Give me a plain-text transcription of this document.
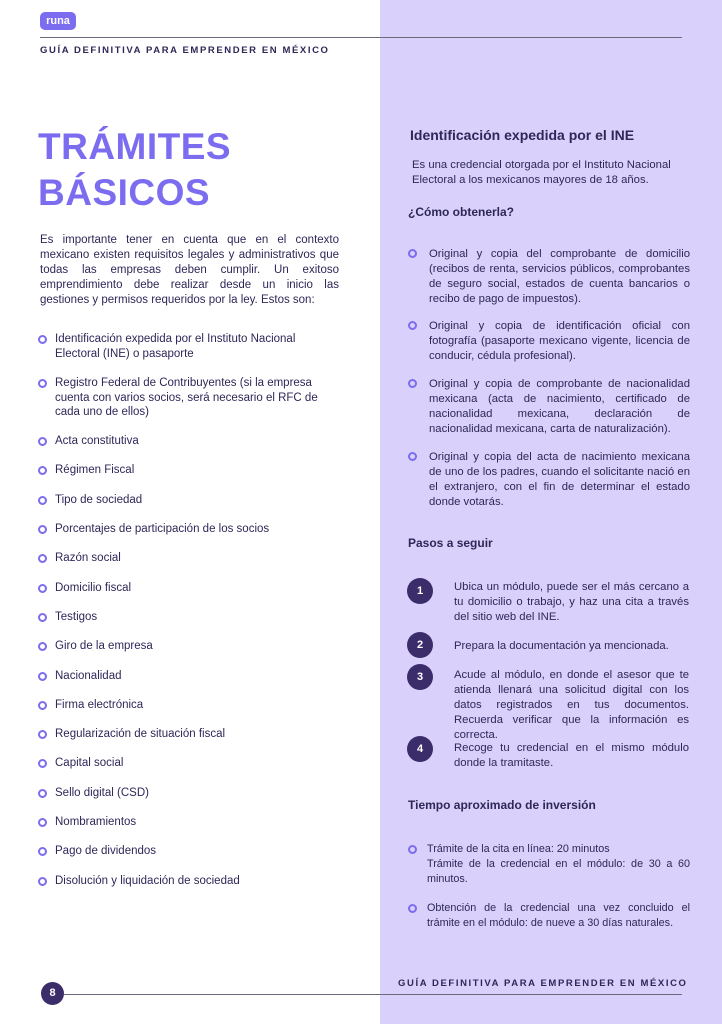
runa
GUÍA DEFINITIVA PARA EMPRENDER EN MÉXICO
TRÁMITES
BÁSICOS

Es importante tener en cuenta que en el contexto mexicano existen requisitos legales y administrativos que todas las empresas deben cumplir. Un exitoso emprendimiento debe realizar desde un inicio las gestiones y permisos requeridos por la ley. Estos son:

Identificación expedida por el Instituto Nacional Electoral (INE) o pasaporte
Registro Federal de Contribuyentes (si la empresa cuenta con varios socios, será necesario el RFC de cada uno de ellos)
Acta constitutiva
Régimen Fiscal
Tipo de sociedad
Porcentajes de participación de los socios
Razón social
Domicilio fiscal
Testigos
Giro de la empresa
Nacionalidad
Firma electrónica
Regularización de situación fiscal
Capital social
Sello digital (CSD)
Nombramientos
Pago de dividendos
Disolución y liquidación de sociedad
Identificación expedida por el INE

Es una credencial otorgada por el Instituto Nacional Electoral a los mexicanos mayores de 18 años.

¿Cómo obtenerla?
Original y copia del comprobante de domicilio (recibos de renta, servicios públicos, comprobantes de seguro social, estados de cuenta bancarios o recibo de pago de impuestos).
Original y copia de identificación oficial con fotografía (pasaporte mexicano vigente, licencia de conducir, cédula profesional).
Original y copia de comprobante de nacionalidad mexicana (acta de nacimiento, certificado de nacionalidad mexicana, declaración de nacionalidad mexicana, carta de naturalización).
Original y copia del acta de nacimiento mexicana de uno de los padres, cuando el solicitante nació en el extranjero, con el fin de determinar el estado donde votarás.
Pasos a seguir
1	Ubica un módulo, puede ser el más cercano a tu domicilio o trabajo, y haz una cita a través del sitio web del INE.

2	Prepara la documentación ya mencionada.

3	Acude al módulo, en donde el asesor que te atienda llenará una solicitud digital con los datos registrados en tus documentos. Recuerda verificar que la información es correcta.

4	Recoge tu credencial en el mismo módulo donde la tramitaste.

Tiempo aproximado de inversión
Trámite de la cita en línea: 20 minutos
Trámite de la credencial en el módulo: de 30 a 60 minutos.
Obtención de la credencial una vez concluido el trámite en el módulo: de nueve a 30 días naturales.
GUÍA DEFINITIVA PARA EMPRENDER EN MÉXICO
8
